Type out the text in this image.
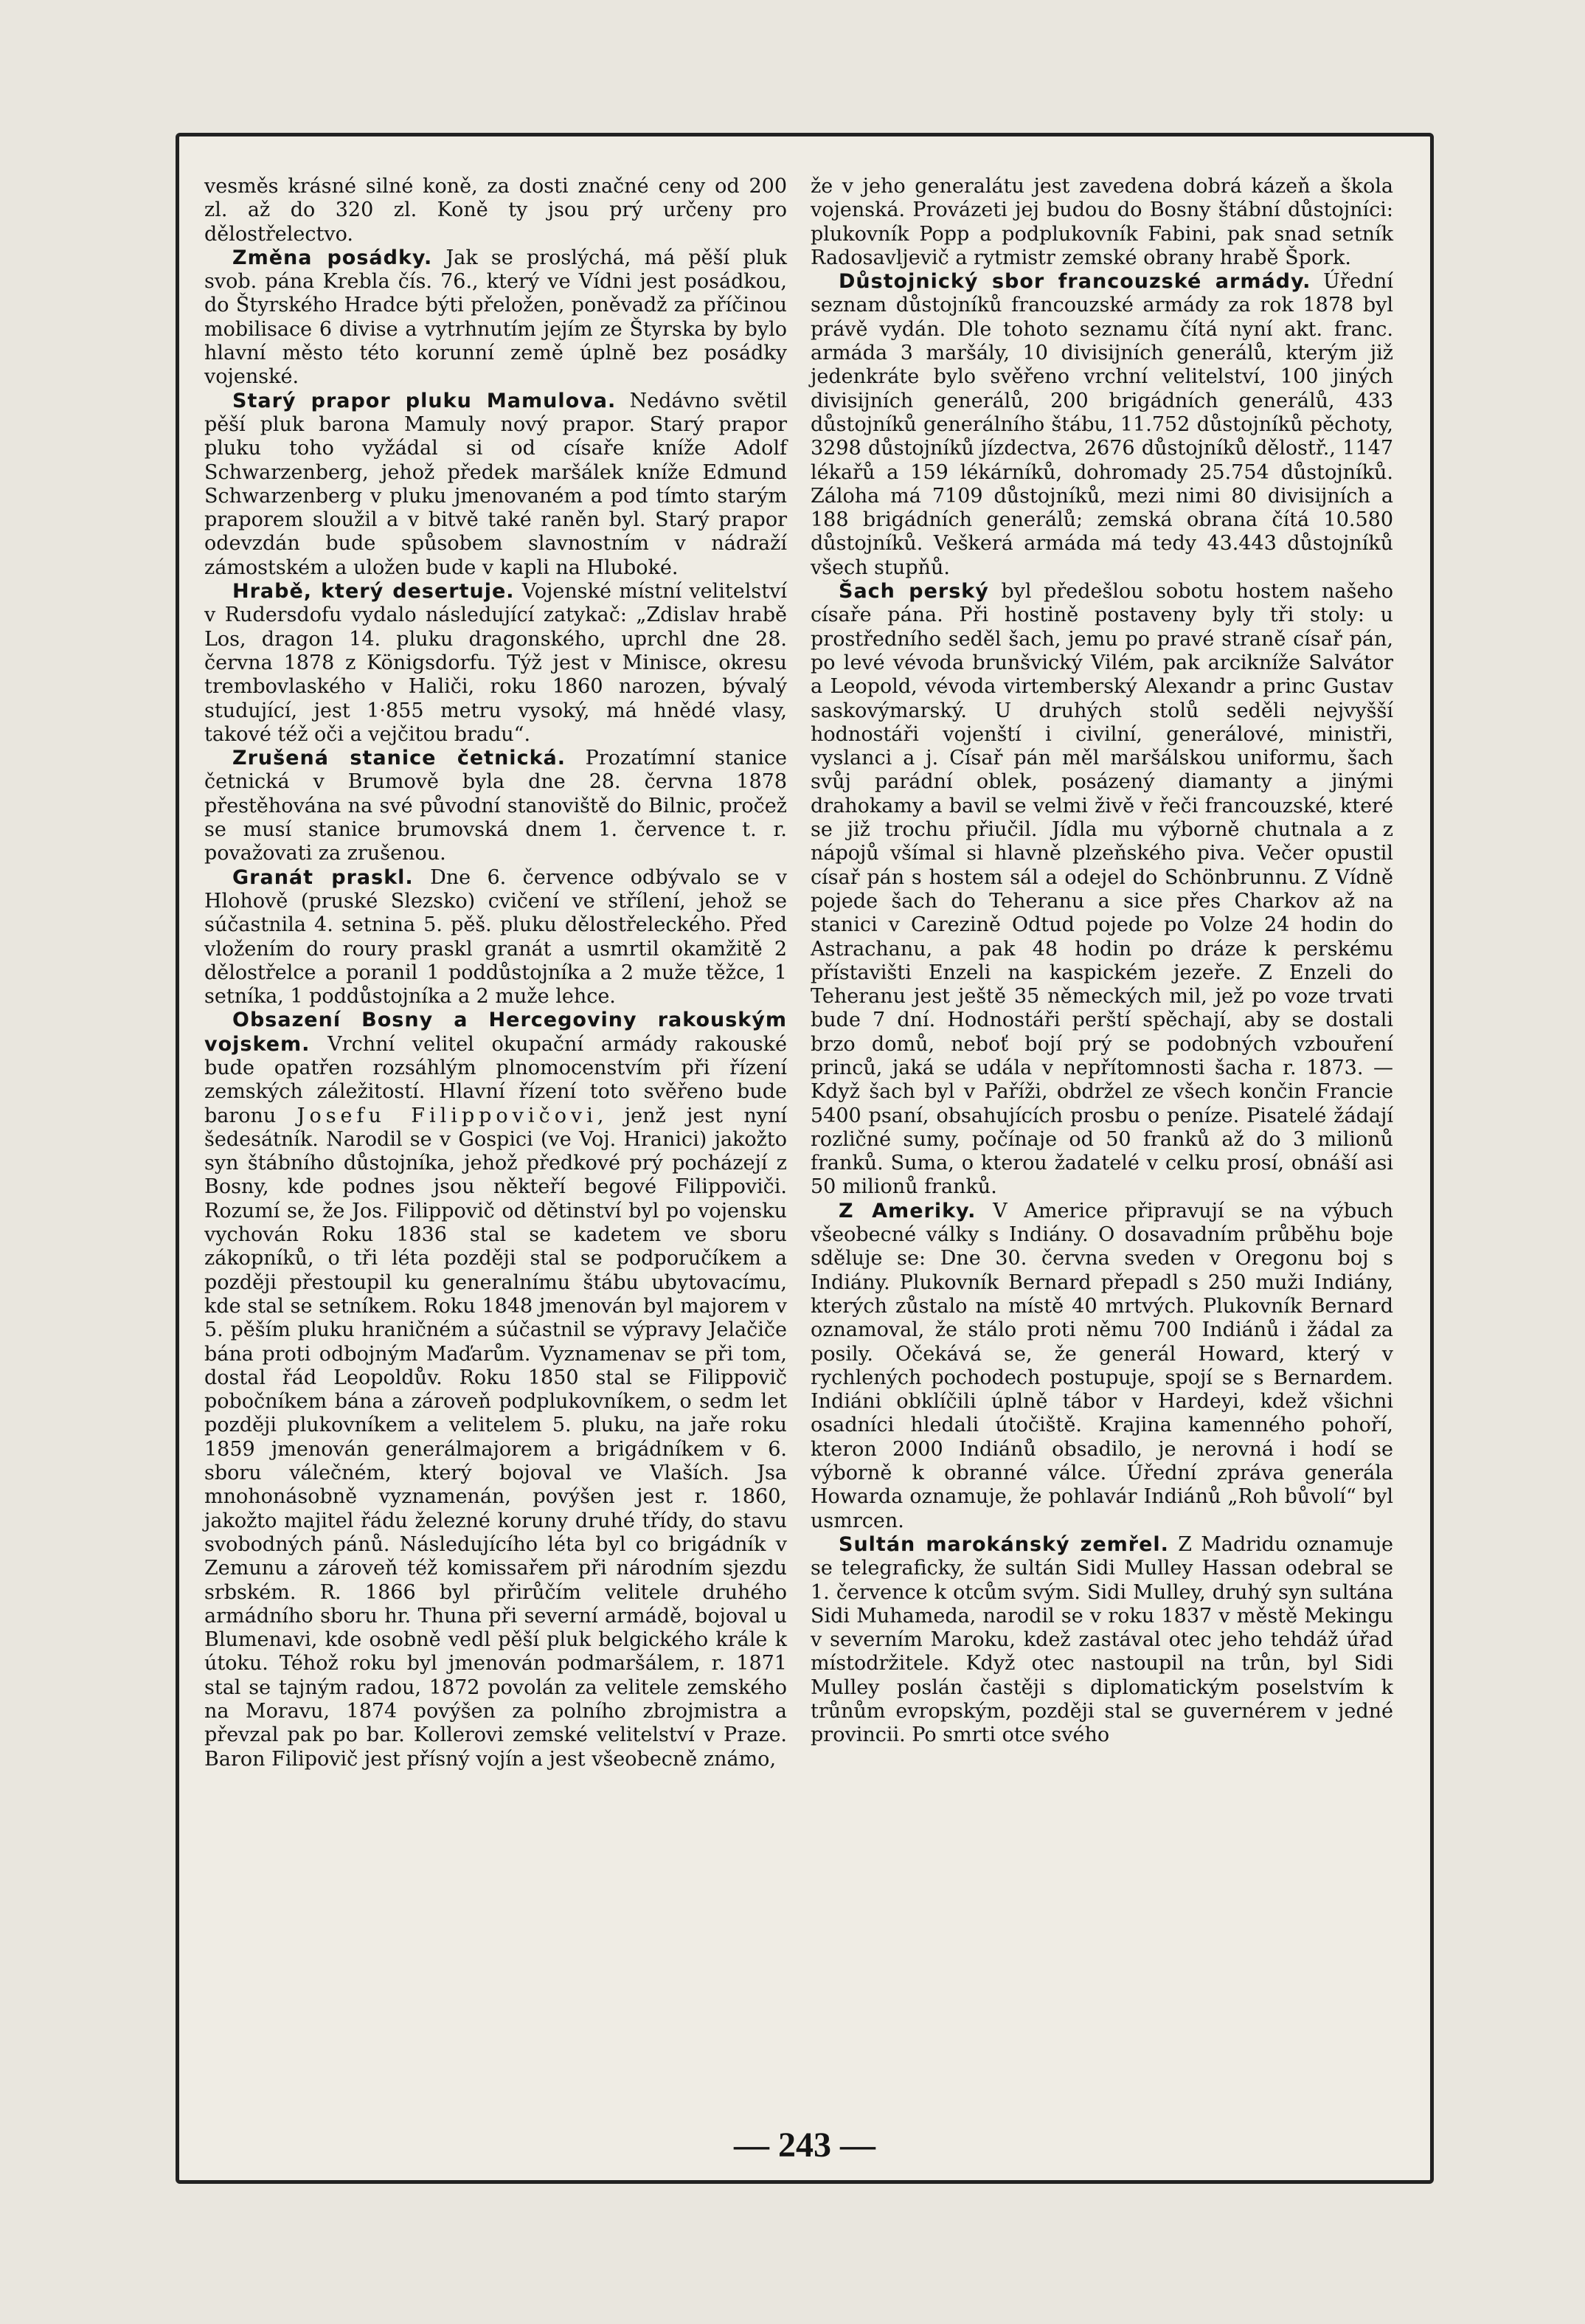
vesměs krásné silné koně, za dosti značné ceny od 200 zl. až do 320 zl. Koně ty jsou prý určeny pro dělostřelectvo.

Změna posádky. Jak se proslýchá, má pěší pluk svob. pána Krebla čís. 76., který ve Vídni jest posádkou, do Štyrského Hradce býti přeložen, poněvadž za příčinou mobilisace 6 divise a vytrhnutím jejím ze Štyrska by bylo hlavní město této korunní země úplně bez posádky vojenské.

Starý prapor pluku Mamulova. Nedávno světil pěší pluk barona Mamuly nový prapor. Starý prapor pluku toho vyžádal si od císaře kníže Adolf Schwarzenberg, jehož předek maršálek kníže Edmund Schwarzenberg v pluku jmenovaném a pod tímto starým praporem sloužil a v bitvě také raněn byl. Starý prapor odevzdán bude spůsobem slavnostním v nádraží zámostském a uložen bude v kapli na Hluboké.

Hrabě, který desertuje. Vojenské místní velitelství v Rudersdofu vydalo následující zatykač: „Zdislav hrabě Los, dragon 14. pluku dragonského, uprchl dne 28. června 1878 z Königsdorfu. Týž jest v Minisce, okresu trembovlaského v Haliči, roku 1860 narozen, bývalý studující, jest 1·855 metru vysoký, má hnědé vlasy, takové též oči a vejčitou bradu“.

Zrušená stanice četnická. Prozatímní stanice četnická v Brumově byla dne 28. června 1878 přestěhována na své původní stanoviště do Bilnic, pročež se musí stanice brumovská dnem 1. července t. r. považovati za zrušenou.

Granát praskl. Dne 6. července odbývalo se v Hlohově (pruské Slezsko) cvičení ve střílení, jehož se súčastnila 4. setnina 5. pěš. pluku dělostřeleckého. Před vložením do roury praskl granát a usmrtil okamžitě 2 dělostřelce a poranil 1 poddůstojníka a 2 muže těžce, 1 setníka, 1 poddůstojníka a 2 muže lehce.

Obsazení Bosny a Hercegoviny rakouským vojskem. Vrchní velitel okupační armády rakouské bude opatřen rozsáhlým plnomocenstvím při řízení zemských záležitostí. Hlavní řízení toto svěřeno bude baronu Josefu Filippovičovi, jenž jest nyní šedesátník. Narodil se v Gospici (ve Voj. Hranici) jakožto syn štábního důstojníka, jehož předkové prý pocházejí z Bosny, kde podnes jsou někteří begové Filippoviči. Rozumí se, že Jos. Filippovič od dětinství byl po vojensku vychován Roku 1836 stal se kadetem ve sboru zákopníků, o tři léta později stal se podporučíkem a později přestoupil ku generalnímu štábu ubytovacímu, kde stal se setníkem. Roku 1848 jmenován byl majorem v 5. pěším pluku hraničném a súčastnil se výpravy Jelačiče bána proti odbojným Maďarům. Vyznamenav se při tom, dostal řád Leopoldův. Roku 1850 stal se Filippovič pobočníkem bána a zároveň podplukovníkem, o sedm let později plukovníkem a velitelem 5. pluku, na jaře roku 1859 jmenován generálmajorem a brigádníkem v 6. sboru válečném, který bojoval ve Vlaších. Jsa mnohonásobně vyznamenán, povýšen jest r. 1860, jakožto majitel řádu železné koruny druhé třídy, do stavu svobodných pánů. Následujícího léta byl co brigádník v Zemunu a zároveň též komissařem při národním sjezdu srbském. R. 1866 byl přirůčím velitele druhého armádního sboru hr. Thuna při severní armádě, bojoval u Blumenavi, kde osobně vedl pěší pluk belgického krále k útoku. Téhož roku byl jmenován podmaršálem, r. 1871 stal se tajným radou, 1872 povolán za velitele zemského na Moravu, 1874 povýšen za polního zbrojmistra a převzal pak po bar. Kollerovi zemské velitelství v Praze. Baron Filipovič jest přísný vojín a jest všeobecně známo,

že v jeho generalátu jest zavedena dobrá kázeň a škola vojenská. Provázeti jej budou do Bosny štábní důstojníci: plukovník Popp a podplukovník Fabini, pak snad setník Radosavljevič a rytmistr zemské obrany hrabě Špork.

Důstojnický sbor francouzské armády. Úřední seznam důstojníků francouzské armády za rok 1878 byl právě vydán. Dle tohoto seznamu čítá nyní akt. franc. armáda 3 maršály, 10 divisijních generálů, kterým již jedenkráte bylo svěřeno vrchní velitelství, 100 jiných divisijních generálů, 200 brigádních generálů, 433 důstojníků generálního štábu, 11.752 důstojníků pěchoty, 3298 důstojníků jízdectva, 2676 důstojníků dělostř., 1147 lékařů a 159 lékárníků, dohromady 25.754 důstojníků. Záloha má 7109 důstojníků, mezi nimi 80 divisijních a 188 brigádních generálů; zemská obrana čítá 10.580 důstojníků. Veškerá armáda má tedy 43.443 důstojníků všech stupňů.

Šach perský byl předešlou sobotu hostem našeho císaře pána. Při hostině postaveny byly tři stoly: u prostředního seděl šach, jemu po pravé straně císař pán, po levé vévoda brunšvický Vilém, pak arcikníže Salvátor a Leopold, vévoda virtemberský Alexandr a princ Gustav saskovýmarský. U druhých stolů seděli nejvyšší hodnostáři vojenští i civilní, generálové, ministři, vyslanci a j. Císař pán měl maršálskou uniformu, šach svůj parádní oblek, posázený diamanty a jinými drahokamy a bavil se velmi živě v řeči francouzské, které se již trochu přiučil. Jídla mu výborně chutnala a z nápojů všímal si hlavně plzeňského piva. Večer opustil císař pán s hostem sál a odejel do Schönbrunnu. Z Vídně pojede šach do Teheranu a sice přes Charkov až na stanici v Carezině Odtud pojede po Volze 24 hodin do Astrachanu, a pak 48 hodin po dráze k perskému přístavišti Enzeli na kaspickém jezeře. Z Enzeli do Teheranu jest ještě 35 německých mil, jež po voze trvati bude 7 dní. Hodnostáři perští spěchají, aby se dostali brzo domů, neboť bojí prý se podobných vzbouření princů, jaká se udála v nepřítomnosti šacha r. 1873. — Když šach byl v Paříži, obdržel ze všech končin Francie 5400 psaní, obsahujících prosbu o peníze. Pisatelé žádají rozličné sumy, počínaje od 50 franků až do 3 milionů franků. Suma, o kterou žadatelé v celku prosí, obnáší asi 50 milionů franků.

Z Ameriky. V Americe připravují se na výbuch všeobecné války s Indiány. O dosavadním průběhu boje sděluje se: Dne 30. června sveden v Oregonu boj s Indiány. Plukovník Bernard přepadl s 250 muži Indiány, kterých zůstalo na místě 40 mrtvých. Plukovník Bernard oznamoval, že stálo proti němu 700 Indiánů i žádal za posily. Očekává se, že generál Howard, který v rychlených pochodech postupuje, spojí se s Bernardem. Indiáni obklíčili úplně tábor v Hardeyi, kdež všichni osadníci hledali útočiště. Krajina kamenného pohoří, kteron 2000 Indiánů obsadilo, je nerovná i hodí se výborně k obranné válce. Úřední zpráva generála Howarda oznamuje, že pohlavár Indiánů „Roh bůvolí“ byl usmrcen.

Sultán marokánský zemřel. Z Madridu oznamuje se telegraficky, že sultán Sidi Mulley Hassan odebral se 1. července k otcům svým. Sidi Mulley, druhý syn sultána Sidi Muhameda, narodil se v roku 1837 v městě Mekingu v severním Maroku, kdež zastával otec jeho tehdáž úřad místodržitele. Když otec nastoupil na trůn, byl Sidi Mulley poslán častěji s diplomatickým poselstvím k trůnům evropským, později stal se guvernérem v jedné provincii. Po smrti otce svého

— 243 —
